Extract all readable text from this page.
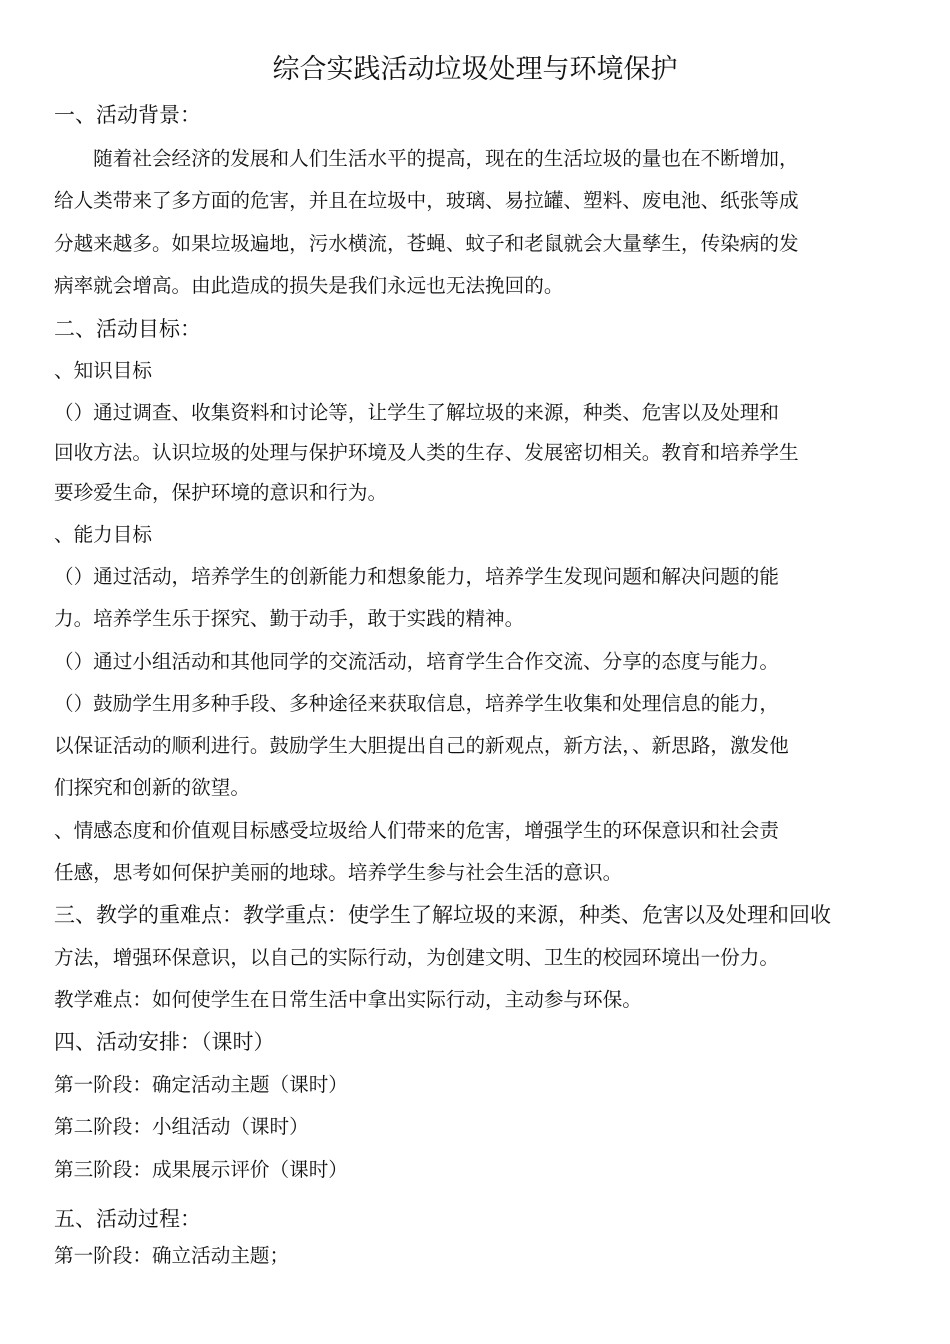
综合实践活动垃圾处理与环境保护
一、活动背景：
　　随着社会经济的发展和人们生活水平的提高，现在的生活垃圾的量也在不断增加，
给人类带来了多方面的危害，并且在垃圾中，玻璃、易拉罐、塑料、废电池、纸张等成
分越来越多。如果垃圾遍地，污水横流，苍蝇、蚊子和老鼠就会大量孳生，传染病的发
病率就会增高。由此造成的损失是我们永远也无法挽回的。
二、活动目标：
、知识目标
（）通过调查、收集资料和讨论等，让学生了解垃圾的来源，种类、危害以及处理和
回收方法。认识垃圾的处理与保护环境及人类的生存、发展密切相关。教育和培养学生
要珍爱生命，保护环境的意识和行为。
、能力目标
（）通过活动，培养学生的创新能力和想象能力，培养学生发现问题和解决问题的能
力。培养学生乐于探究、勤于动手，敢于实践的精神。
（）通过小组活动和其他同学的交流活动，培育学生合作交流、分享的态度与能力。
（）鼓励学生用多种手段、多种途径来获取信息，培养学生收集和处理信息的能力，
以保证活动的顺利进行。鼓励学生大胆提出自己的新观点，新方法，、新思路，激发他
们探究和创新的欲望。
、情感态度和价值观目标感受垃圾给人们带来的危害，增强学生的环保意识和社会责
任感，思考如何保护美丽的地球。培养学生参与社会生活的意识。
三、教学的重难点：教学重点：使学生了解垃圾的来源，种类、危害以及处理和回收
方法，增强环保意识，以自己的实际行动，为创建文明、卫生的校园环境出一份力。
教学难点：如何使学生在日常生活中拿出实际行动，主动参与环保。
四、活动安排：（课时）
第一阶段：确定活动主题（课时）
第二阶段：小组活动（课时）
第三阶段：成果展示评价（课时）
五、活动过程：
第一阶段：确立活动主题；
